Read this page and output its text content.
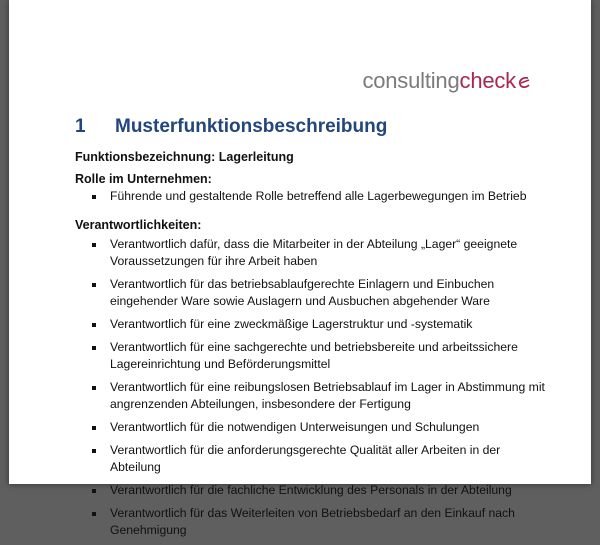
consultingcheck
1 Musterfunktionsbeschreibung

Funktionsbezeichnung: Lagerleitung

Rolle im Unternehmen:

Führende und gestaltende Rolle betreffend alle Lagerbewegungen im Betrieb

Verantwortlichkeiten:

Verantwortlich dafür, dass die Mitarbeiter in der Abteilung „Lager“ geeignete Voraussetzungen für ihre Arbeit haben
Verantwortlich für das betriebsablaufgerechte Einlagern und Einbuchen eingehender Ware sowie Auslagern und Ausbuchen abgehender Ware
Verantwortlich für eine zweckmäßige Lagerstruktur und -systematik
Verantwortlich für eine sachgerechte und betriebsbereite und arbeitssichere Lagereinrichtung und Beförderungsmittel
Verantwortlich für eine reibungslosen Betriebsablauf im Lager in Abstimmung mit angrenzenden Abteilungen, insbesondere der Fertigung
Verantwortlich für die notwendigen Unterweisungen und Schulungen
Verantwortlich für die anforderungsgerechte Qualität aller Arbeiten in der Abteilung
Verantwortlich für die fachliche Entwicklung des Personals in der Abteilung
Verantwortlich für das Weiterleiten von Betriebsbedarf an den Einkauf nach Genehmigung
